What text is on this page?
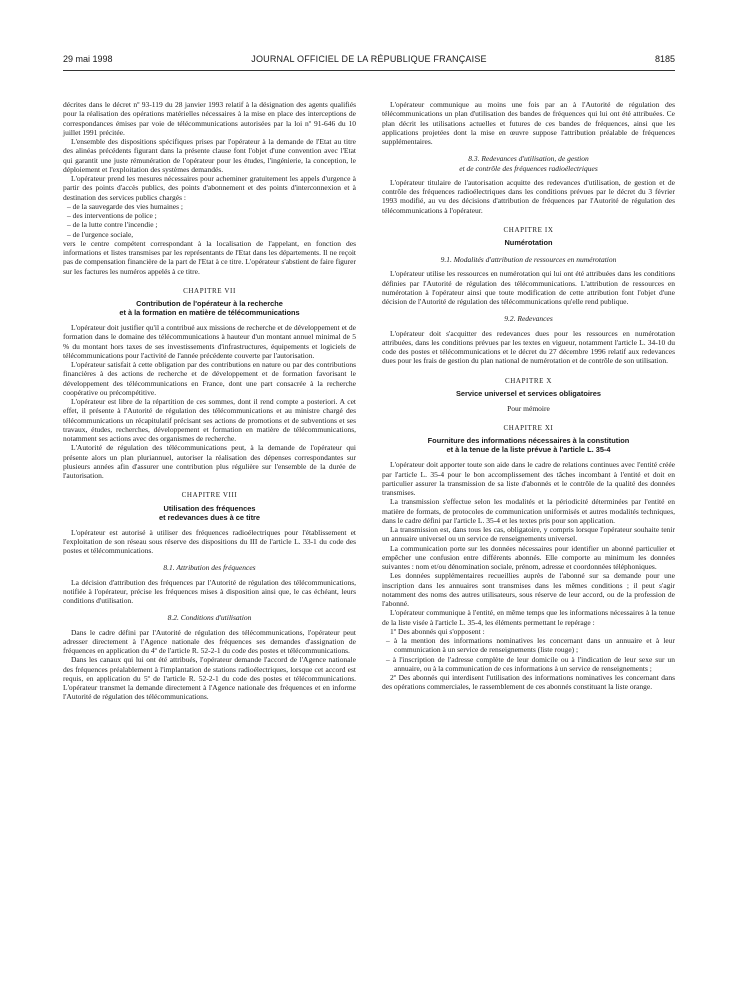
29 mai 1998	JOURNAL OFFICIEL DE LA RÉPUBLIQUE FRANÇAISE	8185

décrites dans le décret nº 93-119 du 28 janvier 1993 relatif à la désignation des agents qualifiés pour la réalisation des opérations matérielles nécessaires à la mise en place des interceptions de correspondances émises par voie de télécommunications autorisées par la loi nº 91-646 du 10 juillet 1991 précitée.

L'ensemble des dispositions spécifiques prises par l'opérateur à la demande de l'Etat au titre des alinéas précédents figurant dans la présente clause font l'objet d'une convention avec l'Etat qui garantit une juste rémunération de l'opérateur pour les études, l'ingénierie, la conception, le déploiement et l'exploitation des systèmes demandés.

L'opérateur prend les mesures nécessaires pour acheminer gratuitement les appels d'urgence à partir des points d'accès publics, des points d'abonnement et des points d'interconnexion et à destination des services publics chargés :

– de la sauvegarde des vies humaines ;
– des interventions de police ;
– de la lutte contre l'incendie ;
– de l'urgence sociale,

vers le centre compétent correspondant à la localisation de l'appelant, en fonction des informations et listes transmises par les représentants de l'Etat dans les départements. Il ne reçoit pas de compensation financière de la part de l'Etat à ce titre. L'opérateur s'abstient de faire figurer sur les factures les numéros appelés à ce titre.

CHAPITRE VII
Contribution de l'opérateur à la recherche
et à la formation en matière de télécommunications

L'opérateur doit justifier qu'il a contribué aux missions de recherche et de développement et de formation dans le domaine des télécommunications à hauteur d'un montant annuel minimal de 5 % du montant hors taxes de ses investissements d'infrastructures, équipements et logiciels de télécommunications pour l'activité de l'année précédente couverte par l'autorisation.

L'opérateur satisfait à cette obligation par des contributions en nature ou par des contributions financières à des actions de recherche et de développement et de formation favorisant le développement des télécommunications en France, dont une part consacrée à la recherche coopérative ou précompétitive.

L'opérateur est libre de la répartition de ces sommes, dont il rend compte a posteriori. A cet effet, il présente à l'Autorité de régulation des télécommunications et au ministre chargé des télécommunications un récapitulatif précisant ses actions de promotions et de subventions et ses travaux, études, recherches, développement et formation en matière de télécommunications, notamment ses actions avec des organismes de recherche.

L'Autorité de régulation des télécommunications peut, à la demande de l'opérateur qui présente alors un plan pluriannuel, autoriser la réalisation des dépenses correspondantes sur plusieurs années afin d'assurer une contribution plus régulière sur l'ensemble de la durée de l'autorisation.

CHAPITRE VIII
Utilisation des fréquences
et redevances dues à ce titre

L'opérateur est autorisé à utiliser des fréquences radioélectriques pour l'établissement et l'exploitation de son réseau sous réserve des dispositions du III de l'article L. 33-1 du code des postes et télécommunications.

8.1. Attribution des fréquences

La décision d'attribution des fréquences par l'Autorité de régulation des télécommunications, notifiée à l'opérateur, précise les fréquences mises à disposition ainsi que, le cas échéant, leurs conditions d'utilisation.

8.2. Conditions d'utilisation

Dans le cadre défini par l'Autorité de régulation des télécommunications, l'opérateur peut adresser directement à l'Agence nationale des fréquences ses demandes d'assignation de fréquences en application du 4º de l'article R. 52-2-1 du code des postes et télécommunications.

Dans les canaux qui lui ont été attribués, l'opérateur demande l'accord de l'Agence nationale des fréquences préalablement à l'implantation de stations radioélectriques, lorsque cet accord est requis, en application du 5º de l'article R. 52-2-1 du code des postes et télécommunications. L'opérateur transmet la demande directement à l'Agence nationale des fréquences et en informe l'Autorité de régulation des télécommunications.

L'opérateur communique au moins une fois par an à l'Autorité de régulation des télécommunications un plan d'utilisation des bandes de fréquences qui lui ont été attribuées. Ce plan décrit les utilisations actuelles et futures de ces bandes de fréquences, ainsi que les applications projetées dont la mise en œuvre suppose l'attribution préalable de fréquences supplémentaires.

8.3. Redevances d'utilisation, de gestion
et de contrôle des fréquences radioélectriques

L'opérateur titulaire de l'autorisation acquitte des redevances d'utilisation, de gestion et de contrôle des fréquences radioélectriques dans les conditions prévues par le décret du 3 février 1993 modifié, au vu des décisions d'attribution de fréquences par l'Autorité de régulation des télécommunications à l'opérateur.

CHAPITRE IX
Numérotation
9.1. Modalités d'attribution de ressources en numérotation

L'opérateur utilise les ressources en numérotation qui lui ont été attribuées dans les conditions définies par l'Autorité de régulation des télécommunications. L'attribution de ressources en numérotation à l'opérateur ainsi que toute modification de cette attribution font l'objet d'une décision de l'Autorité de régulation des télécommunications qu'elle rend publique.

9.2. Redevances

L'opérateur doit s'acquitter des redevances dues pour les ressources en numérotation attribuées, dans les conditions prévues par les textes en vigueur, notamment l'article L. 34-10 du code des postes et télécommunications et le décret du 27 décembre 1996 relatif aux redevances dues pour les frais de gestion du plan national de numérotation et de contrôle de son utilisation.

CHAPITRE X
Service universel et services obligatoires
Pour mémoire
CHAPITRE XI
Fourniture des informations nécessaires à la constitution
et à la tenue de la liste prévue à l'article L. 35-4

L'opérateur doit apporter toute son aide dans le cadre de relations continues avec l'entité créée par l'article L. 35-4 pour le bon accomplissement des tâches incombant à l'entité et doit en particulier assurer la transmission de sa liste d'abonnés et le contrôle de la qualité des données transmises.

La transmission s'effectue selon les modalités et la périodicité déterminées par l'entité en matière de formats, de protocoles de communication uniformisés et autres modalités techniques, dans le cadre défini par l'article L. 35-4 et les textes pris pour son application.

La transmission est, dans tous les cas, obligatoire, y compris lorsque l'opérateur souhaite tenir un annuaire universel ou un service de renseignements universel.

La communication porte sur les données nécessaires pour identifier un abonné particulier et empêcher une confusion entre différents abonnés. Elle comporte au minimum les données suivantes : nom et/ou dénomination sociale, prénom, adresse et coordonnées téléphoniques.

Les données supplémentaires recueillies auprès de l'abonné sur sa demande pour une inscription dans les annuaires sont transmises dans les mêmes conditions ; il peut s'agir notamment des noms des autres utilisateurs, sous réserve de leur accord, ou de la profession de l'abonné.

L'opérateur communique à l'entité, en même temps que les informations nécessaires à la tenue de la liste visée à l'article L. 35-4, les éléments permettant le repérage :

1º Des abonnés qui s'opposent :

– à la mention des informations nominatives les concernant dans un annuaire et à leur communication à un service de renseignements (liste rouge) ;
– à l'inscription de l'adresse complète de leur domicile ou à l'indication de leur sexe sur un annuaire, ou à la communication de ces informations à un service de renseignements ;

2º Des abonnés qui interdisent l'utilisation des informations nominatives les concernant dans des opérations commerciales, le rassemblement de ces abonnés constituant la liste orange.
